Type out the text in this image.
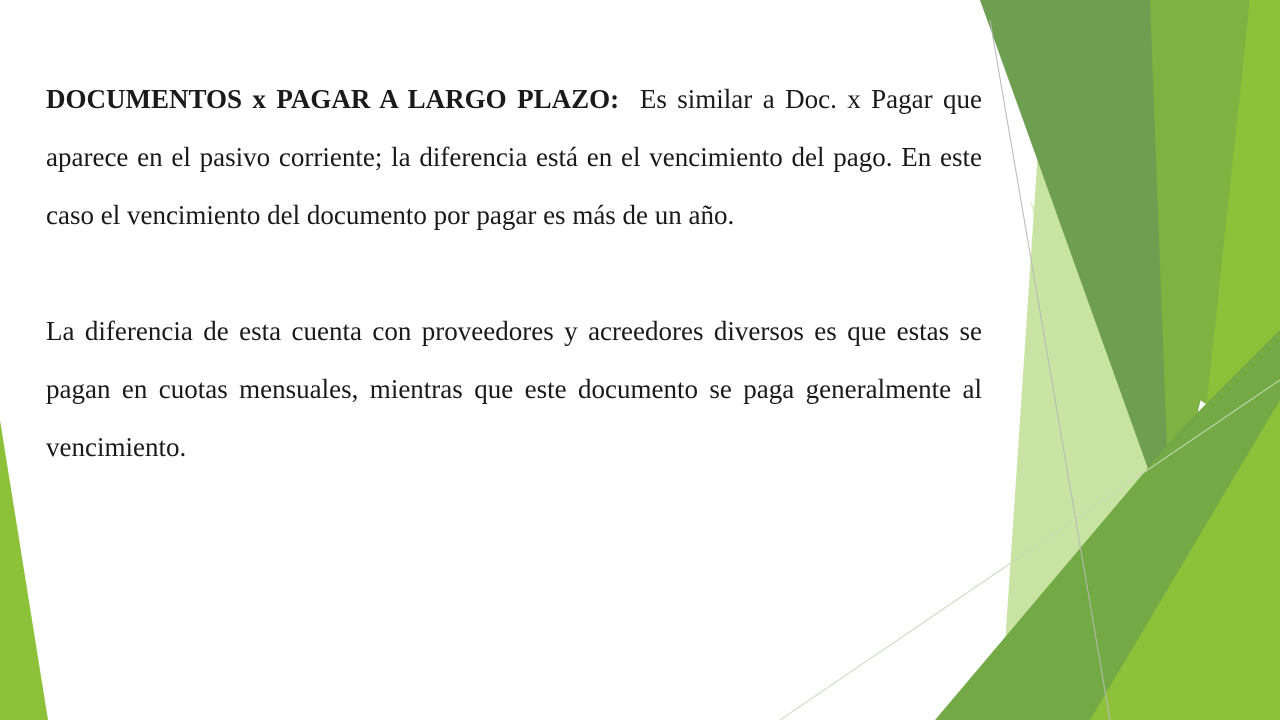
DOCUMENTOS x PAGAR A LARGO PLAZO: Es similar a Doc. x Pagar que aparece en el pasivo corriente; la diferencia está en el vencimiento del pago. En este caso el vencimiento del documento por pagar es más de un año.

La diferencia de esta cuenta con proveedores y acreedores diversos es que estas se pagan en cuotas mensuales, mientras que este documento se paga generalmente al vencimiento.
